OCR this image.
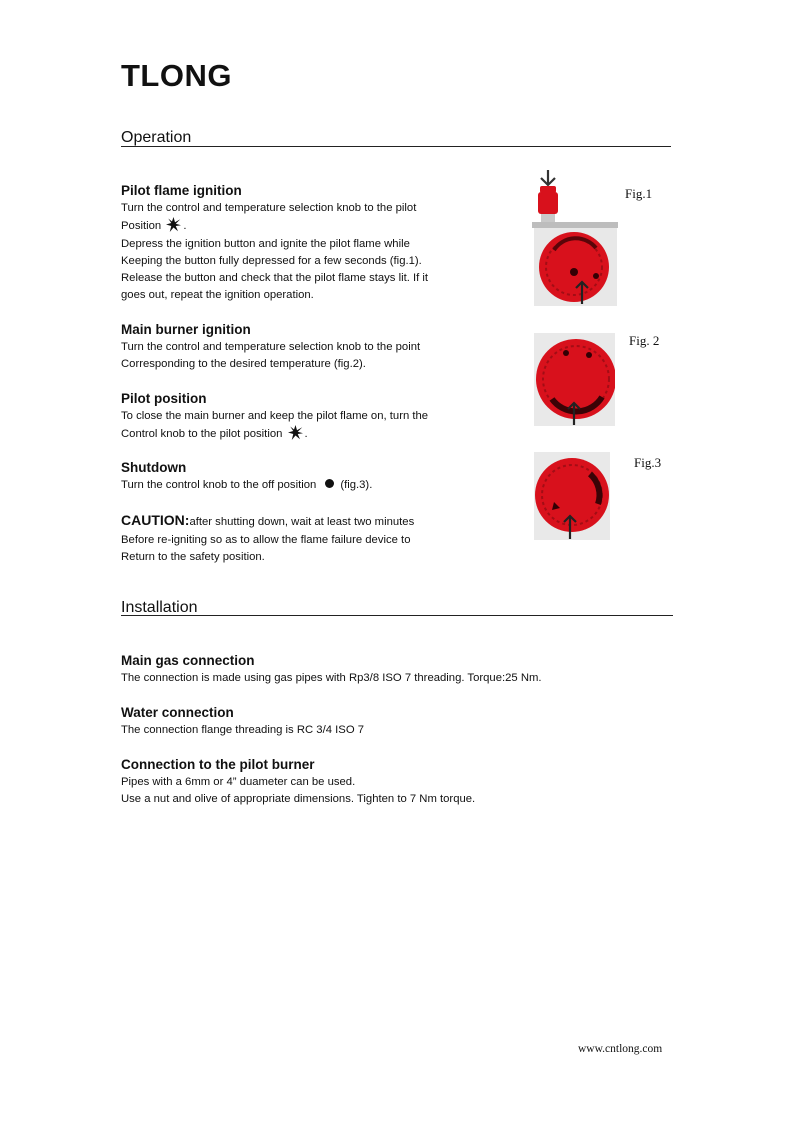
TLONG
Operation
Pilot flame ignition

Turn the control and temperature selection knob to the pilot

Position .

Depress the ignition button and ignite the pilot flame while

Keeping the button fully depressed for a few seconds (fig.1).

Release the button and check that the pilot flame stays lit. If it

goes out, repeat the ignition operation.

Main burner ignition

Turn the control and temperature selection knob to the point

Corresponding to the desired temperature (fig.2).

Pilot position

To close the main burner and keep the pilot flame on, turn the

Control knob to the pilot position .

Shutdown

Turn the control knob to the off position (fig.3).

CAUTION:after shutting down, wait at least two minutes

Before re-igniting so as to allow the flame failure device to

Return to the safety position.

Fig.1
Fig. 2
Fig.3
Installation
Main gas connection

The connection is made using gas pipes with Rp3/8 ISO 7 threading. Torque:25 Nm.

Water connection

The connection flange threading is RC 3/4 ISO 7

Connection to the pilot burner

Pipes with a 6mm or 4” duameter can be used.

Use a nut and olive of appropriate dimensions. Tighten to 7 Nm torque.

www.cntlong.com
